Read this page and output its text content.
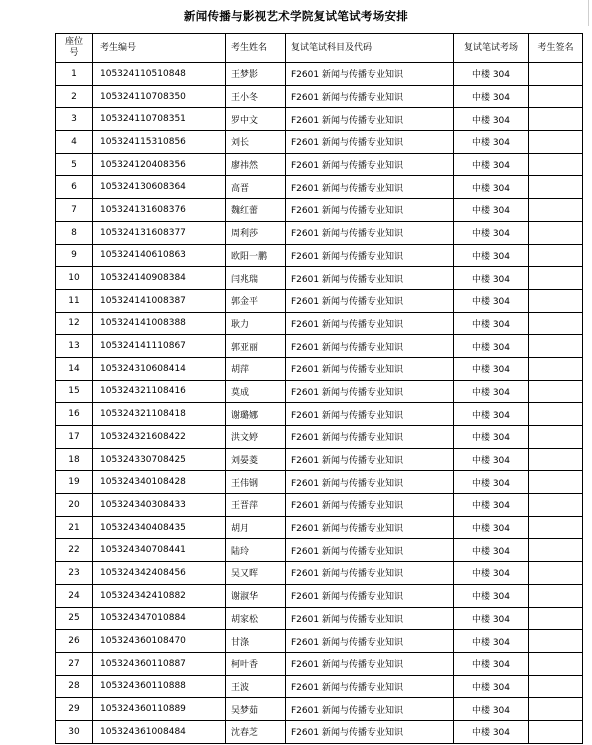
新闻传播与影视艺术学院复试笔试考场安排
座位
号	考生编号	考生姓名	复试笔试科目及代码	复试笔试考场	考生签名
1	105324110510848	王梦影	F2601 新闻与传播专业知识	中楼 304	
2	105324110708350	王小冬	F2601 新闻与传播专业知识	中楼 304	
3	105324110708351	罗中文	F2601 新闻与传播专业知识	中楼 304	
4	105324115310856	刘长	F2601 新闻与传播专业知识	中楼 304	
5	105324120408356	廖祎然	F2601 新闻与传播专业知识	中楼 304	
6	105324130608364	高晋	F2601 新闻与传播专业知识	中楼 304	
7	105324131608376	魏红蕾	F2601 新闻与传播专业知识	中楼 304	
8	105324131608377	周利莎	F2601 新闻与传播专业知识	中楼 304	
9	105324140610863	欧阳一鹏	F2601 新闻与传播专业知识	中楼 304	
10	105324140908384	闫兆瑞	F2601 新闻与传播专业知识	中楼 304	
11	105324141008387	郭金平	F2601 新闻与传播专业知识	中楼 304	
12	105324141008388	耿力	F2601 新闻与传播专业知识	中楼 304	
13	105324141110867	郭亚丽	F2601 新闻与传播专业知识	中楼 304	
14	105324310608414	胡萍	F2601 新闻与传播专业知识	中楼 304	
15	105324321108416	莫成	F2601 新闻与传播专业知识	中楼 304	
16	105324321108418	谢璐娜	F2601 新闻与传播专业知识	中楼 304	
17	105324321608422	洪文婷	F2601 新闻与传播专业知识	中楼 304	
18	105324330708425	刘晏菱	F2601 新闻与传播专业知识	中楼 304	
19	105324340108428	王伟钢	F2601 新闻与传播专业知识	中楼 304	
20	105324340308433	王晋萍	F2601 新闻与传播专业知识	中楼 304	
21	105324340408435	胡月	F2601 新闻与传播专业知识	中楼 304	
22	105324340708441	陆玲	F2601 新闻与传播专业知识	中楼 304	
23	105324342408456	吴又晖	F2601 新闻与传播专业知识	中楼 304	
24	105324342410882	谢淑华	F2601 新闻与传播专业知识	中楼 304	
25	105324347010884	胡家松	F2601 新闻与传播专业知识	中楼 304	
26	105324360108470	甘涤	F2601 新闻与传播专业知识	中楼 304	
27	105324360110887	柯叶香	F2601 新闻与传播专业知识	中楼 304	
28	105324360110888	王波	F2601 新闻与传播专业知识	中楼 304	
29	105324360110889	吴梦茹	F2601 新闻与传播专业知识	中楼 304	
30	105324361008484	沈春芝	F2601 新闻与传播专业知识	中楼 304	
